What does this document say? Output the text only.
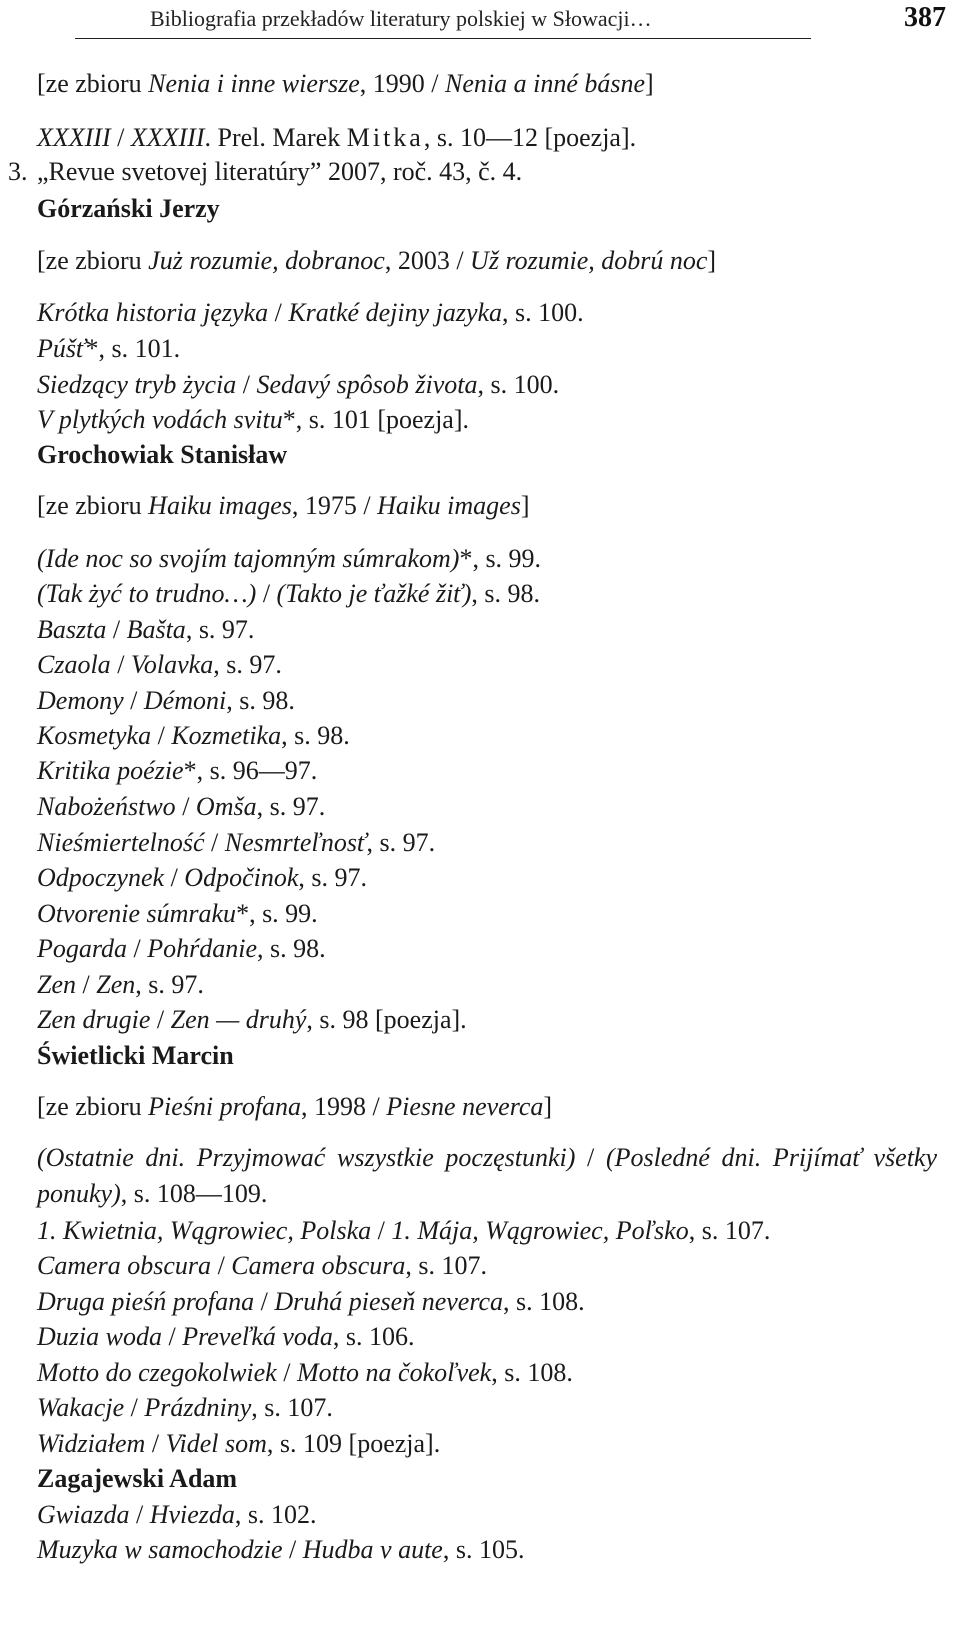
Bibliografia przekładów literatury polskiej w Słowacji…	387
[ze zbioru Nenia i inne wiersze, 1990 / Nenia a inné básne]
XXXIII / XXXIII. Prel. Marek Mitka, s. 10—12 [poezja].
3. „Revue svetovej literatúry” 2007, roč. 43, č. 4.
Górzański Jerzy
[ze zbioru Już rozumie, dobranoc, 2003 / Už rozumie, dobrú noc]
Krótka historia języka / Kratké dejiny jazyka, s. 100.
Púšť*, s. 101.
Siedzący tryb życia / Sedavý spôsob života, s. 100.
V plytkých vodách svitu*, s. 101 [poezja].
Grochowiak Stanisław
[ze zbioru Haiku images, 1975 / Haiku images]
(Ide noc so svojím tajomným súmrakom)*, s. 99.
(Tak żyć to trudno…) / (Takto je ťažké žiť), s. 98.
Baszta / Bašta, s. 97.
Czaola / Volavka, s. 97.
Demony / Démoni, s. 98.
Kosmetyka / Kozmetika, s. 98.
Kritika poézie*, s. 96—97.
Nabożeństwo / Omša, s. 97.
Nieśmiertelność / Nesmrteľnosť, s. 97.
Odpoczynek / Odpočinok, s. 97.
Otvorenie súmraku*, s. 99.
Pogarda / Pohŕdanie, s. 98.
Zen / Zen, s. 97.
Zen drugie / Zen — druhý, s. 98 [poezja].
Świetlicki Marcin
[ze zbioru Pieśni profana, 1998 / Piesne neverca]
1. Kwietnia, Wągrowiec, Polska / 1. Mája, Wągrowiec, Poľsko, s. 107.
Camera obscura / Camera obscura, s. 107.
Druga pieśń profana / Druhá pieseň neverca, s. 108.
Duzia woda / Preveľká voda, s. 106.
Motto do czegokolwiek / Motto na čokoľvek, s. 108.
Wakacje / Prázdniny, s. 107.
Widziałem / Videl som, s. 109 [poezja].
Zagajewski Adam
Gwiazda / Hviezda, s. 102.
Muzyka w samochodzie / Hudba v aute, s. 105.
(Ostatnie dni. Przyjmować wszystkie poczęstunki) / (Posledné dni. Prijímať všetky ponuky), s. 108—109.
